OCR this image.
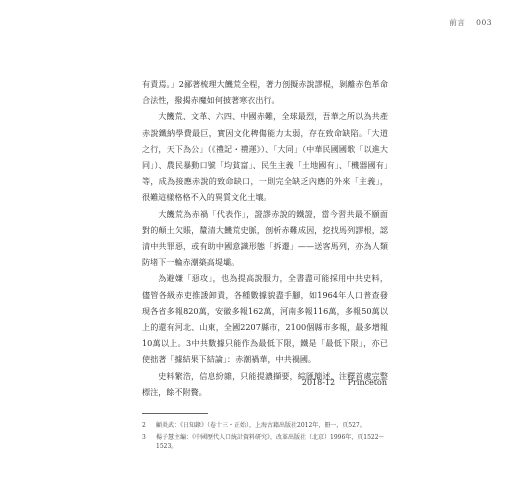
前言 003

有責焉。」2鄙著梳理大饑荒全程，著力剖擬赤說謬棍，剝離赤色革命合法性，撥揭赤魔如何披著寒衣出行。

大饑荒、文革、六四、中國赤難，全球最烈，吾華之所以為共產赤說鐵納學費最巨，實因文化稗傷能力太弱，存在致命缺陷。「大道之行，天下為公」（《禮記・禮運》）、「大同」（中華民國國歌「以進大同」）、農民暴動口號「均貧富」、民生主義「土地國有」、「機器國有」等，成為接應赤說的致命缺口，一則完全缺乏內應的外來「主義」，很難這樣格格不入的異質文化土壤。

大饑荒為赤禍「代表作」，證謬赤說的鐵證，當今習共最不願面對的顛土欠賬，釐清大饑荒史脈，剖析赤難成因，挖找馬列謬根，認清中共罪惡，或有助中國意識形態「拆遷」——送客馬列，亦為人類防堵下一輪赤潮築高堤壩。

為避嫌「惡攻」，也為提高說服力，全書盡可能採用中共史料，儘管各級赤吏推諉卸責，各種數據貌盡手腳，如1964年人口普查發現各省多報820萬，安徽多報162萬，河南多報116萬，多報50萬以上的還有河北、山東，全國2207縣市，2100個縣市多報，最多增報10萬以上。3中共數據只能作為最低下限，鐵是「最低下限」，亦已使拙著「據結果下結論」：赤潮禍華，中共禍國。

史料繁浩，信息紛雜，只能提濃擷要，綜匯簡述，注釋首處完整標注，餘不附贅。

2018-12 Princeton
2 顧炎武：《日知錄》（卷十三・正始），上海古籍出版社2012年，冊一，頁527。
3 楊子慧主編：《中國歷代人口統計資料研究》，改革出版社（北京）1996年，頁1522～1523。
